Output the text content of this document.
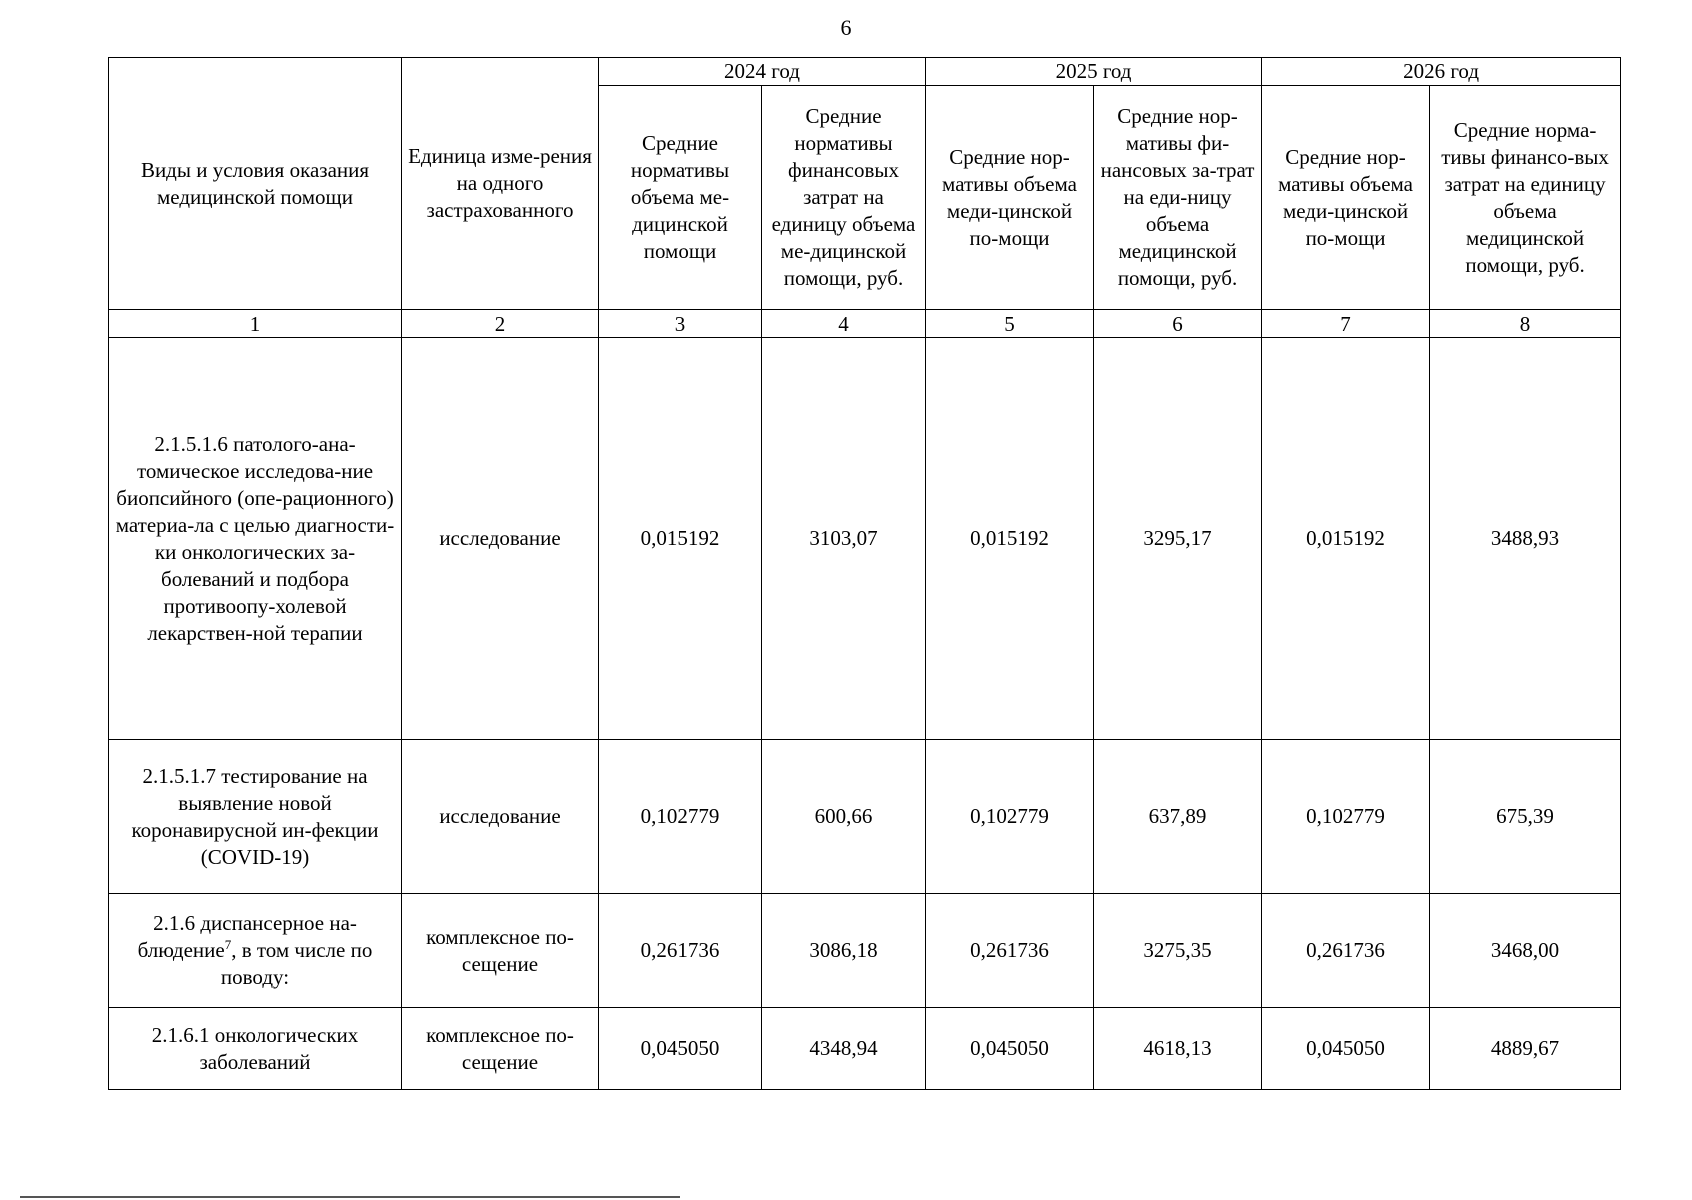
6
Виды и условия оказания медицинской помощи	Единица изме-рения на одного застрахованного	2024 год		2025 год		2026 год	
		Средние нормативы объема ме-дицинской помощи	Средние нормативы финансовых затрат на единицу объема ме-дицинской помощи, руб.	Средние нор-мативы объема меди-цинской по-мощи	Средние нор-мативы фи-нансовых за-трат на еди-ницу объема медицинской помощи, руб.	Средние нор-мативы объема меди-цинской по-мощи	Средние норма-тивы финансо-вых затрат на единицу объема медицинской помощи, руб.
1	2	3	4	5	6	7	8
2.1.5.1.6 патолого-ана-томическое исследова-ние биопсийного (опе-рационного) материа-ла с целью диагности-ки онкологических за-болеваний и подбора противоопу-холевой лекарствен-ной терапии	исследование	0,015192	3103,07	0,015192	3295,17	0,015192	3488,93
2.1.5.1.7 тестирование на выявление новой коронавирусной ин-фекции (COVID-19)	исследование	0,102779	600,66	0,102779	637,89	0,102779	675,39
2.1.6 диспансерное на-блюдение$^7$, в том числе по поводу:	комплексное по-сещение	0,261736	3086,18	0,261736	3275,35	0,261736	3468,00
2.1.6.1 онкологических заболеваний	комплексное по-сещение	0,045050	4348,94	0,045050	4618,13	0,045050	4889,67
